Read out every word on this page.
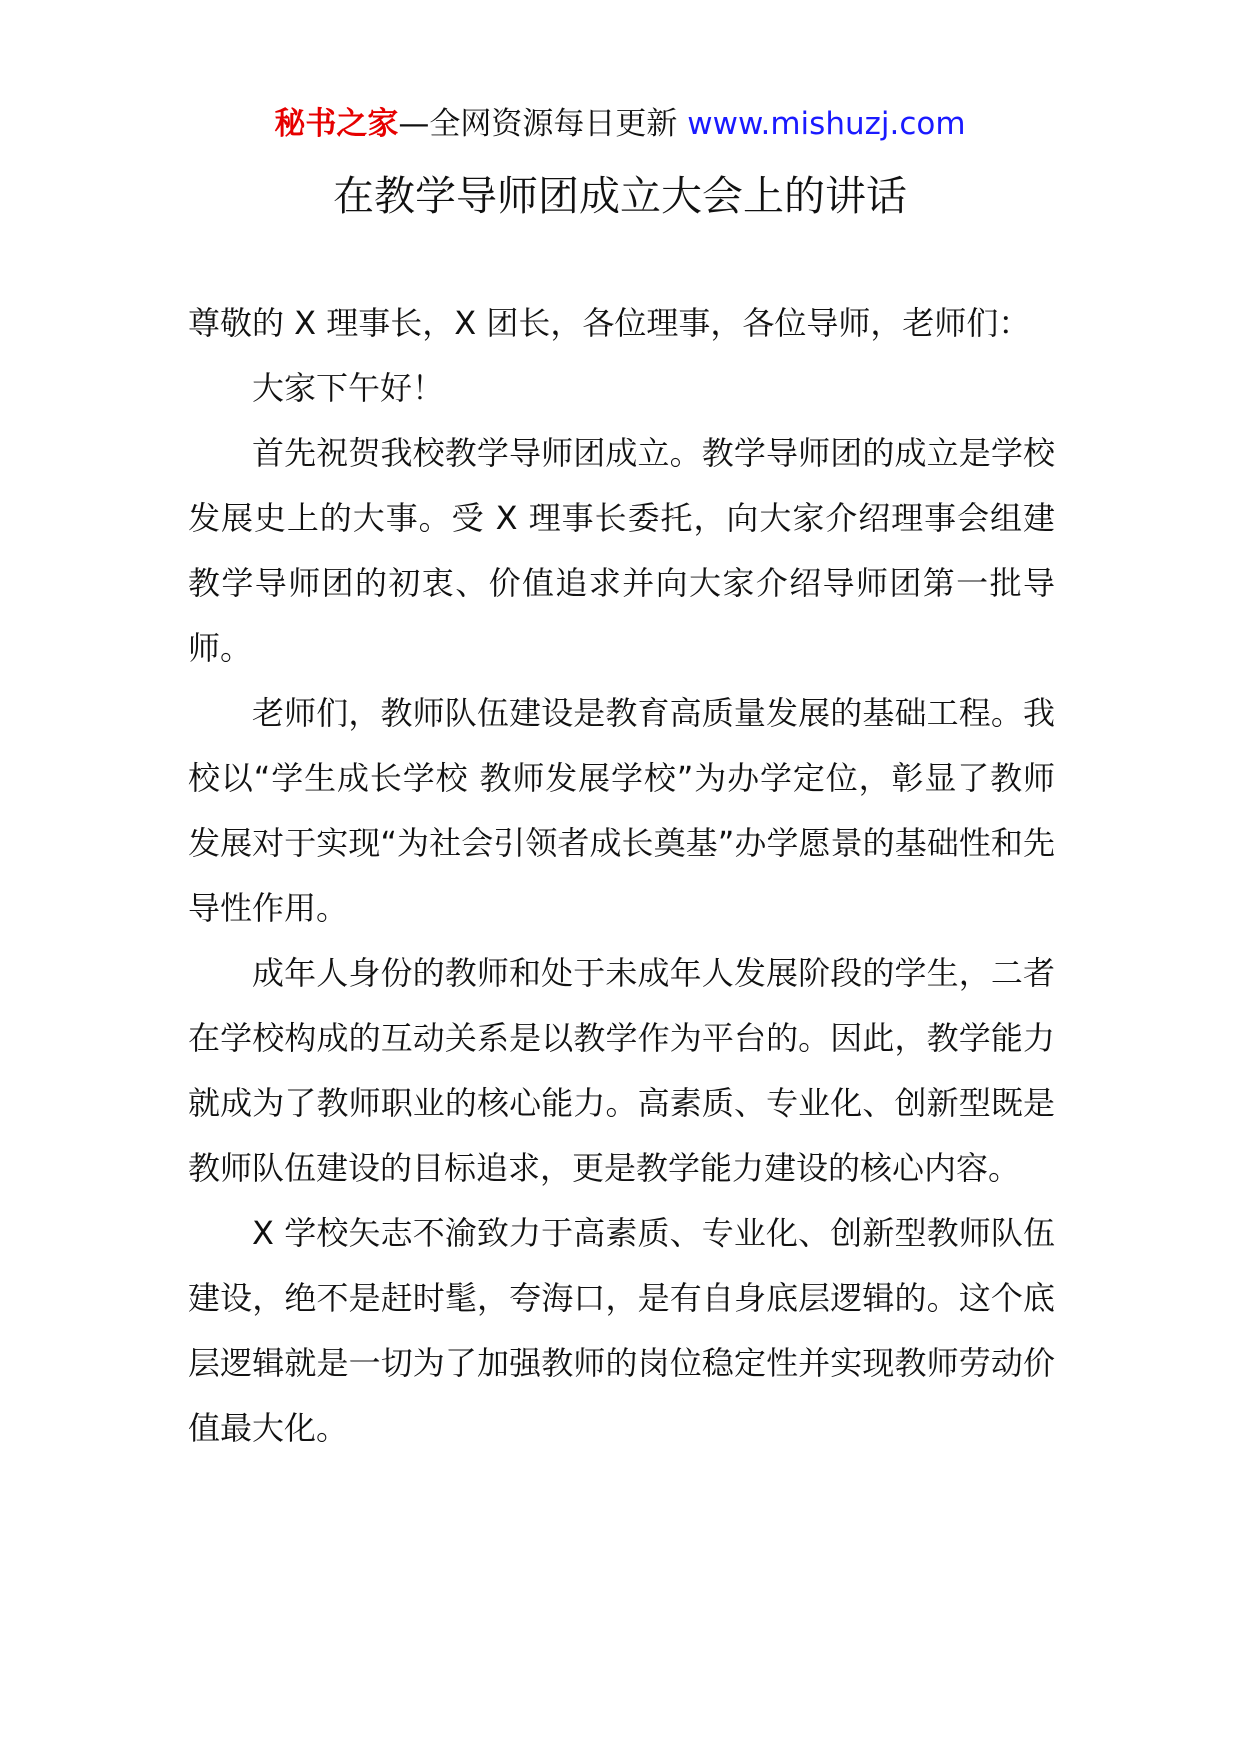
秘书之家—全网资源每日更新 www.mishuzj.com
在教学导师团成立大会上的讲话

尊敬的 X 理事长，X 团长，各位理事，各位导师，老师们：

大家下午好！

首先祝贺我校教学导师团成立。教学导师团的成立是学校发展史上的大事。受 X 理事长委托，向大家介绍理事会组建教学导师团的初衷、价值追求并向大家介绍导师团第一批导师。

老师们，教师队伍建设是教育高质量发展的基础工程。我校以“学生成长学校 教师发展学校”为办学定位，彰显了教师发展对于实现“为社会引领者成长奠基”办学愿景的基础性和先导性作用。

成年人身份的教师和处于未成年人发展阶段的学生，二者在学校构成的互动关系是以教学作为平台的。因此，教学能力就成为了教师职业的核心能力。高素质、专业化、创新型既是教师队伍建设的目标追求，更是教学能力建设的核心内容。

X 学校矢志不渝致力于高素质、专业化、创新型教师队伍建设，绝不是赶时髦，夸海口，是有自身底层逻辑的。这个底层逻辑就是一切为了加强教师的岗位稳定性并实现教师劳动价值最大化。
